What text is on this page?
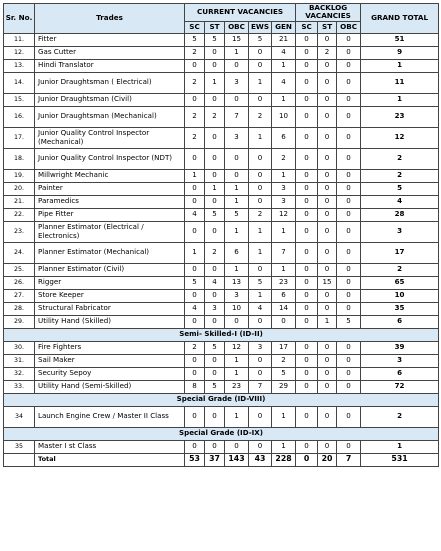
Sr. No.	Trades	CURRENT VACANCIES					BACKLOG VACANCIES			GRAND TOTAL
		SC	ST	OBC	EWS	GEN	SC	ST	OBC	
11.	Fitter	5	5	15	5	21	0	0	0	51
12.	Gas Cutter	2	0	1	0	4	0	2	0	9
13.	Hindi Translator	0	0	0	0	1	0	0	0	1
14.	Junior Draughtsman ( Electrical)	2	1	3	1	4	0	0	0	11
15.	Junior Draughtsman (Civil)	0	0	0	0	1	0	0	0	1
16.	Junior Draughtsman (Mechanical)	2	2	7	2	10	0	0	0	23
17.	Junior Quality Control Inspector (Mechanical)	2	0	3	1	6	0	0	0	12
18.	Junior Quality Control Inspector (NDT)	0	0	0	0	2	0	0	0	2
19.	Millwright Mechanic	1	0	0	0	1	0	0	0	2
20.	Painter	0	1	1	0	3	0	0	0	5
21.	Paramedics	0	0	1	0	3	0	0	0	4
22.	Pipe Fitter	4	5	5	2	12	0	0	0	28
23.	Planner Estimator (Electrical / Electronics)	0	0	1	1	1	0	0	0	3
24.	Planner Estimator (Mechanical)	1	2	6	1	7	0	0	0	17
25.	Planner Estimator (Civil)	0	0	1	0	1	0	0	0	2
26.	Rigger	5	4	13	5	23	0	15	0	65
27.	Store Keeper	0	0	3	1	6	0	0	0	10
28.	Structural Fabricator	4	3	10	4	14	0	0	0	35
29.	Utility Hand (Skilled)	0	0	0	0	0	0	1	5	6
Semi- Skilled-I (ID-II)										
30.	Fire Fighters	2	5	12	3	17	0	0	0	39
31.	Sail Maker	0	0	1	0	2	0	0	0	3
32.	Security Sepoy	0	0	1	0	5	0	0	0	6
33.	Utility Hand (Semi-Skilled)	8	5	23	7	29	0	0	0	72
Special Grade (ID-VIII)										
34	Launch Engine Crew / Master II Class	0	0	1	0	1	0	0	0	2
Special Grade (ID-IX)										
35	Master I st Class	0	0	0	0	1	0	0	0	1
	Total	53	37	143	43	228	0	20	7	531
